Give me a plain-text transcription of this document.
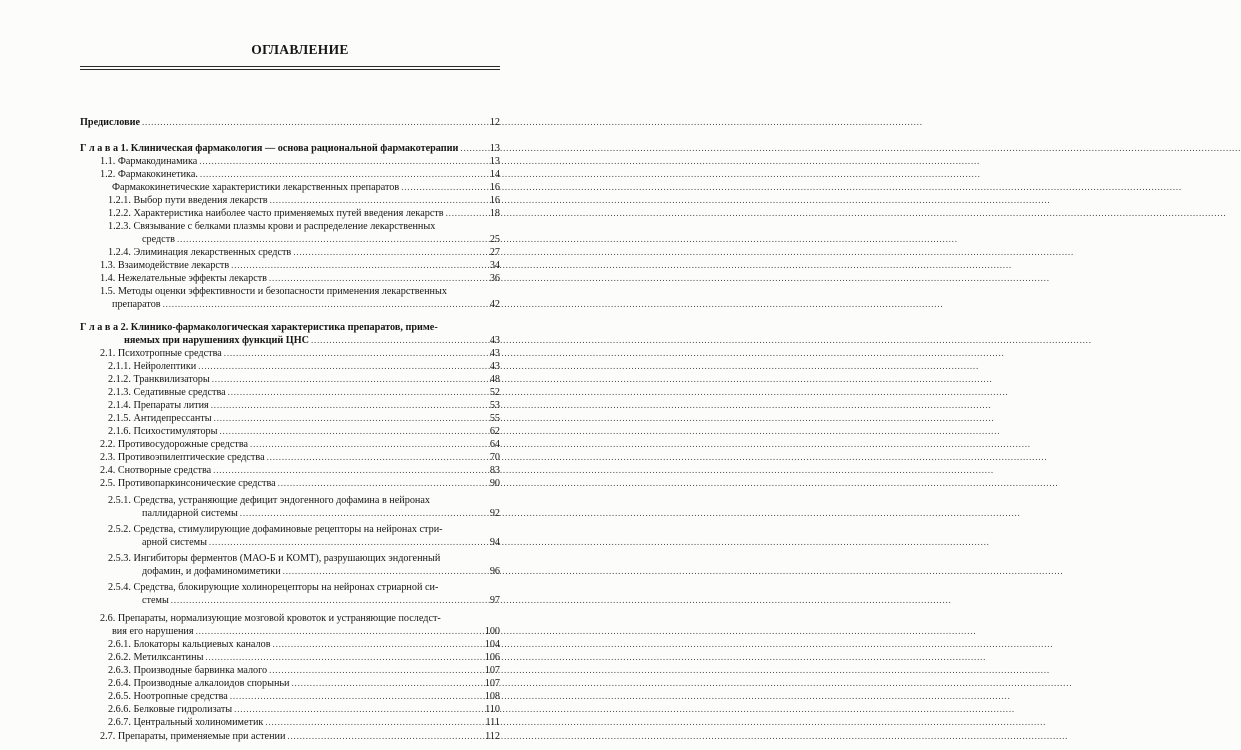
ОГЛАВЛЕНИЕ
Предисловие .....	12
Г л а в а 1. Клиническая фармакология — основа рациональной фармакотерапии .....	13
1.1. Фармакодинамика .....	13
1.2. Фармакокинетика. .....	14
Фармакокинетические характеристики лекарственных препаратов .....	16
1.2.1. Выбор пути введения лекарств .....	16
1.2.2. Характеристика наиболее часто применяемых путей введения лекарств .....	18
1.2.3. Связывание с белками плазмы крови и распределение лекарственных
средств .....	25
1.2.4. Элиминация лекарственных средств .....	27
1.3. Взаимодействие лекарств .....	34
1.4. Нежелательные эффекты лекарств .....	36
1.5. Методы оценки эффективности и безопасности применения лекарственных
препаратов .....	42
Г л а в а 2. Клинико-фармакологическая характеристика препаратов, приме-
няемых при нарушениях функций ЦНС .....	43
2.1. Психотропные средства .....	43
2.1.1. Нейролептики .....	43
2.1.2. Транквилизаторы .....	48
2.1.3. Седативные средства .....	52
2.1.4. Препараты лития .....	53
2.1.5. Антидепрессанты .....	55
2.1.6. Психостимуляторы .....	62
2.2. Противосудорожные средства .....	64
2.3. Противоэпилептические средства .....	70
2.4. Снотворные средства .....	83
2.5. Противопаркинсонические средства .....	90
2.5.1. Средства, устраняющие дефицит эндогенного дофамина в нейронах
паллидарной системы .....	92
2.5.2. Средства, стимулирующие дофаминовые рецепторы на нейронах стри-
арной системы .....	94
2.5.3. Ингибиторы ферментов (МАО-Б и КОМТ), разрушающих эндогенный
дофамин, и дофаминомиметики .....	96
2.5.4. Средства, блокирующие холинорецепторы на нейронах стриарной си-
стемы .....	97
2.6. Препараты, нормализующие мозговой кровоток и устраняющие последст-
вия его нарушения .....	100
2.6.1. Блокаторы кальциевых каналов .....	104
2.6.2. Метилксантины .....	106
2.6.3. Производные барвинка малого .....	107
2.6.4. Производные алкалоидов спорыньи .....	107
2.6.5. Ноотропные средства .....	108
2.6.6. Белковые гидролизаты .....	110
2.6.7. Центральный холиномиметик .....	111
2.7. Препараты, применяемые при астении .....	112
